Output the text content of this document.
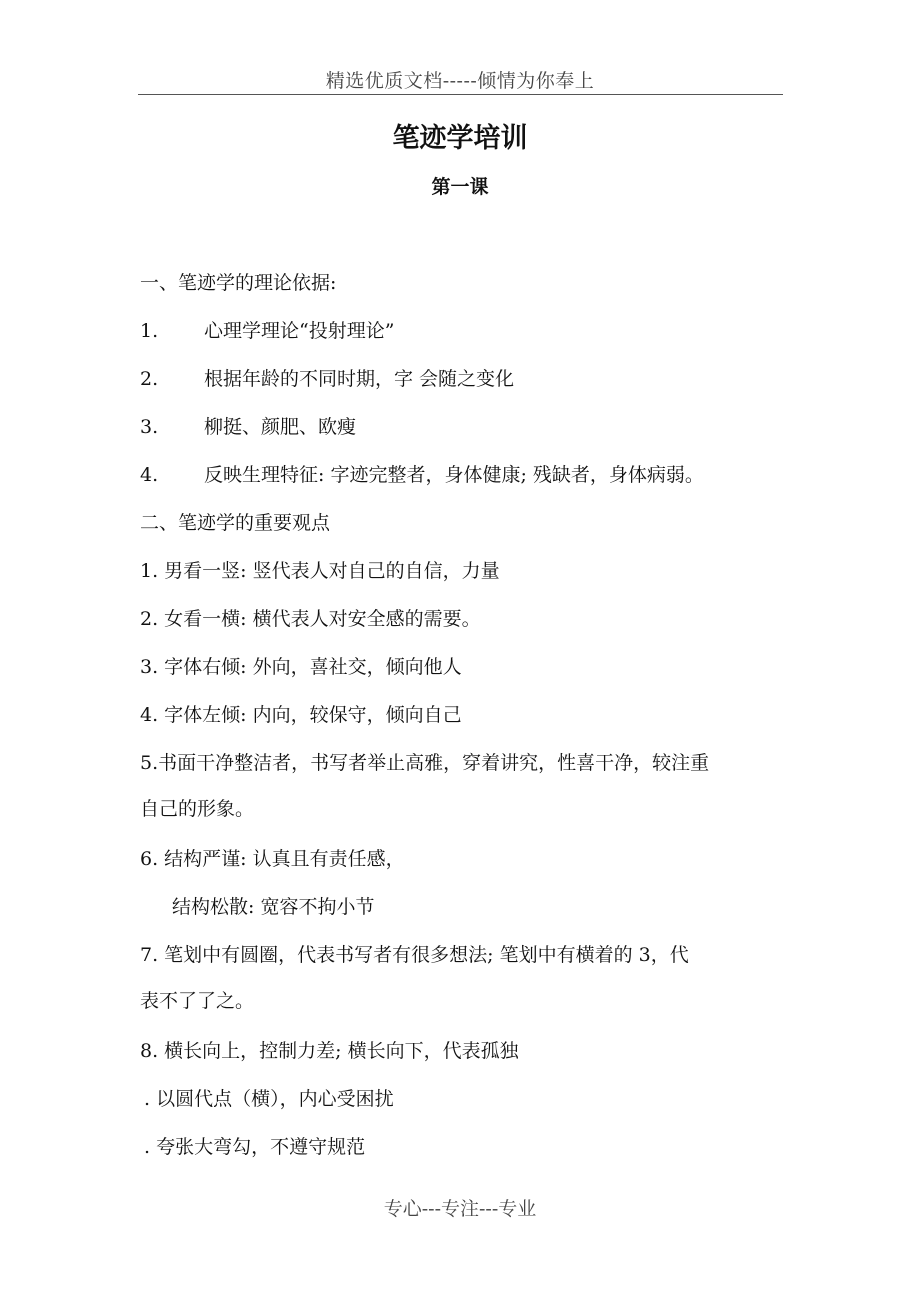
精选优质文档-----倾情为你奉上
笔迹学培训
第一课
一、笔迹学的理论依据:
1. 心理学理论“投射理论”
2. 根据年龄的不同时期，字 会随之变化
3. 柳挺、颜肥、欧瘦
4. 反映生理特征: 字迹完整者，身体健康; 残缺者，身体病弱。
二、笔迹学的重要观点
1. 男看一竖: 竖代表人对自己的自信，力量
2. 女看一横: 横代表人对安全感的需要。
3. 字体右倾: 外向，喜社交，倾向他人
4. 字体左倾: 内向，较保守，倾向自己
5.书面干净整洁者，书写者举止高雅，穿着讲究，性喜干净，较注重
自己的形象。
6. 结构严谨: 认真且有责任感，
结构松散: 宽容不拘小节
7. 笔划中有圆圈，代表书写者有很多想法; 笔划中有横着的 3，代
表不了了之。
8. 横长向上，控制力差; 横长向下，代表孤独
. 以圆代点（横），内心受困扰
. 夸张大弯勾，不遵守规范
专心---专注---专业
